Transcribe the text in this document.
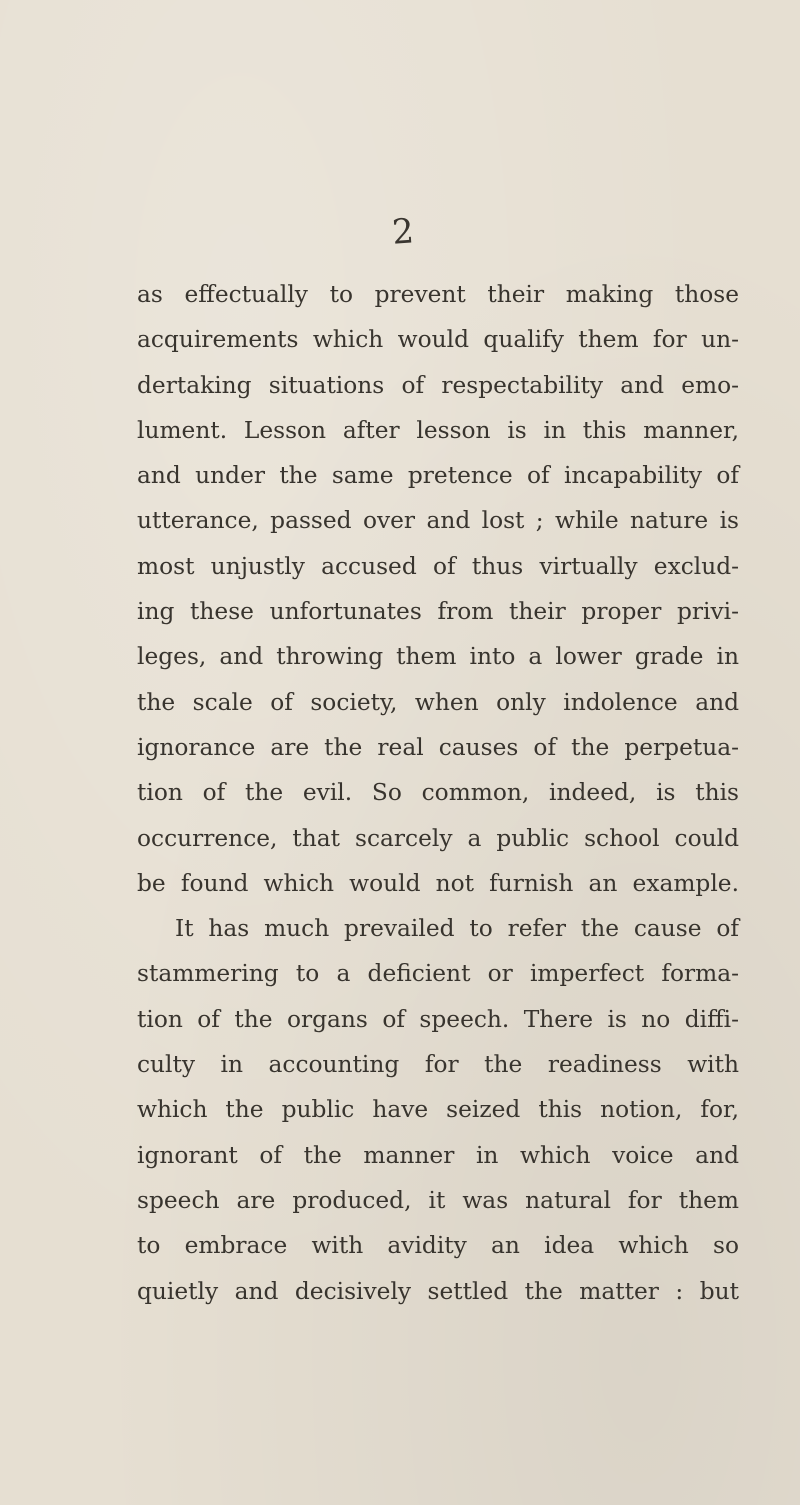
2
as effectually to prevent their making those
acquirements which would qualify them for un-
dertaking situations of respectability and emo-
lument. Lesson after lesson is in this manner,
and under the same pretence of incapability of
utterance, passed over and lost ; while nature is
most unjustly accused of thus virtually exclud-
ing these unfortunates from their proper privi-
leges, and throwing them into a lower grade in
the scale of society, when only indolence and
ignorance are the real causes of the perpetua-
tion of the evil. So common, indeed, is this
occurrence, that scarcely a public school could
be found which would not furnish an example.
It has much prevailed to refer the cause of
stammering to a deficient or imperfect forma-
tion of the organs of speech. There is no diffi-
culty in accounting for the readiness with
which the public have seized this notion, for,
ignorant of the manner in which voice and
speech are produced, it was natural for them
to embrace with avidity an idea which so
quietly and decisively settled the matter : but
